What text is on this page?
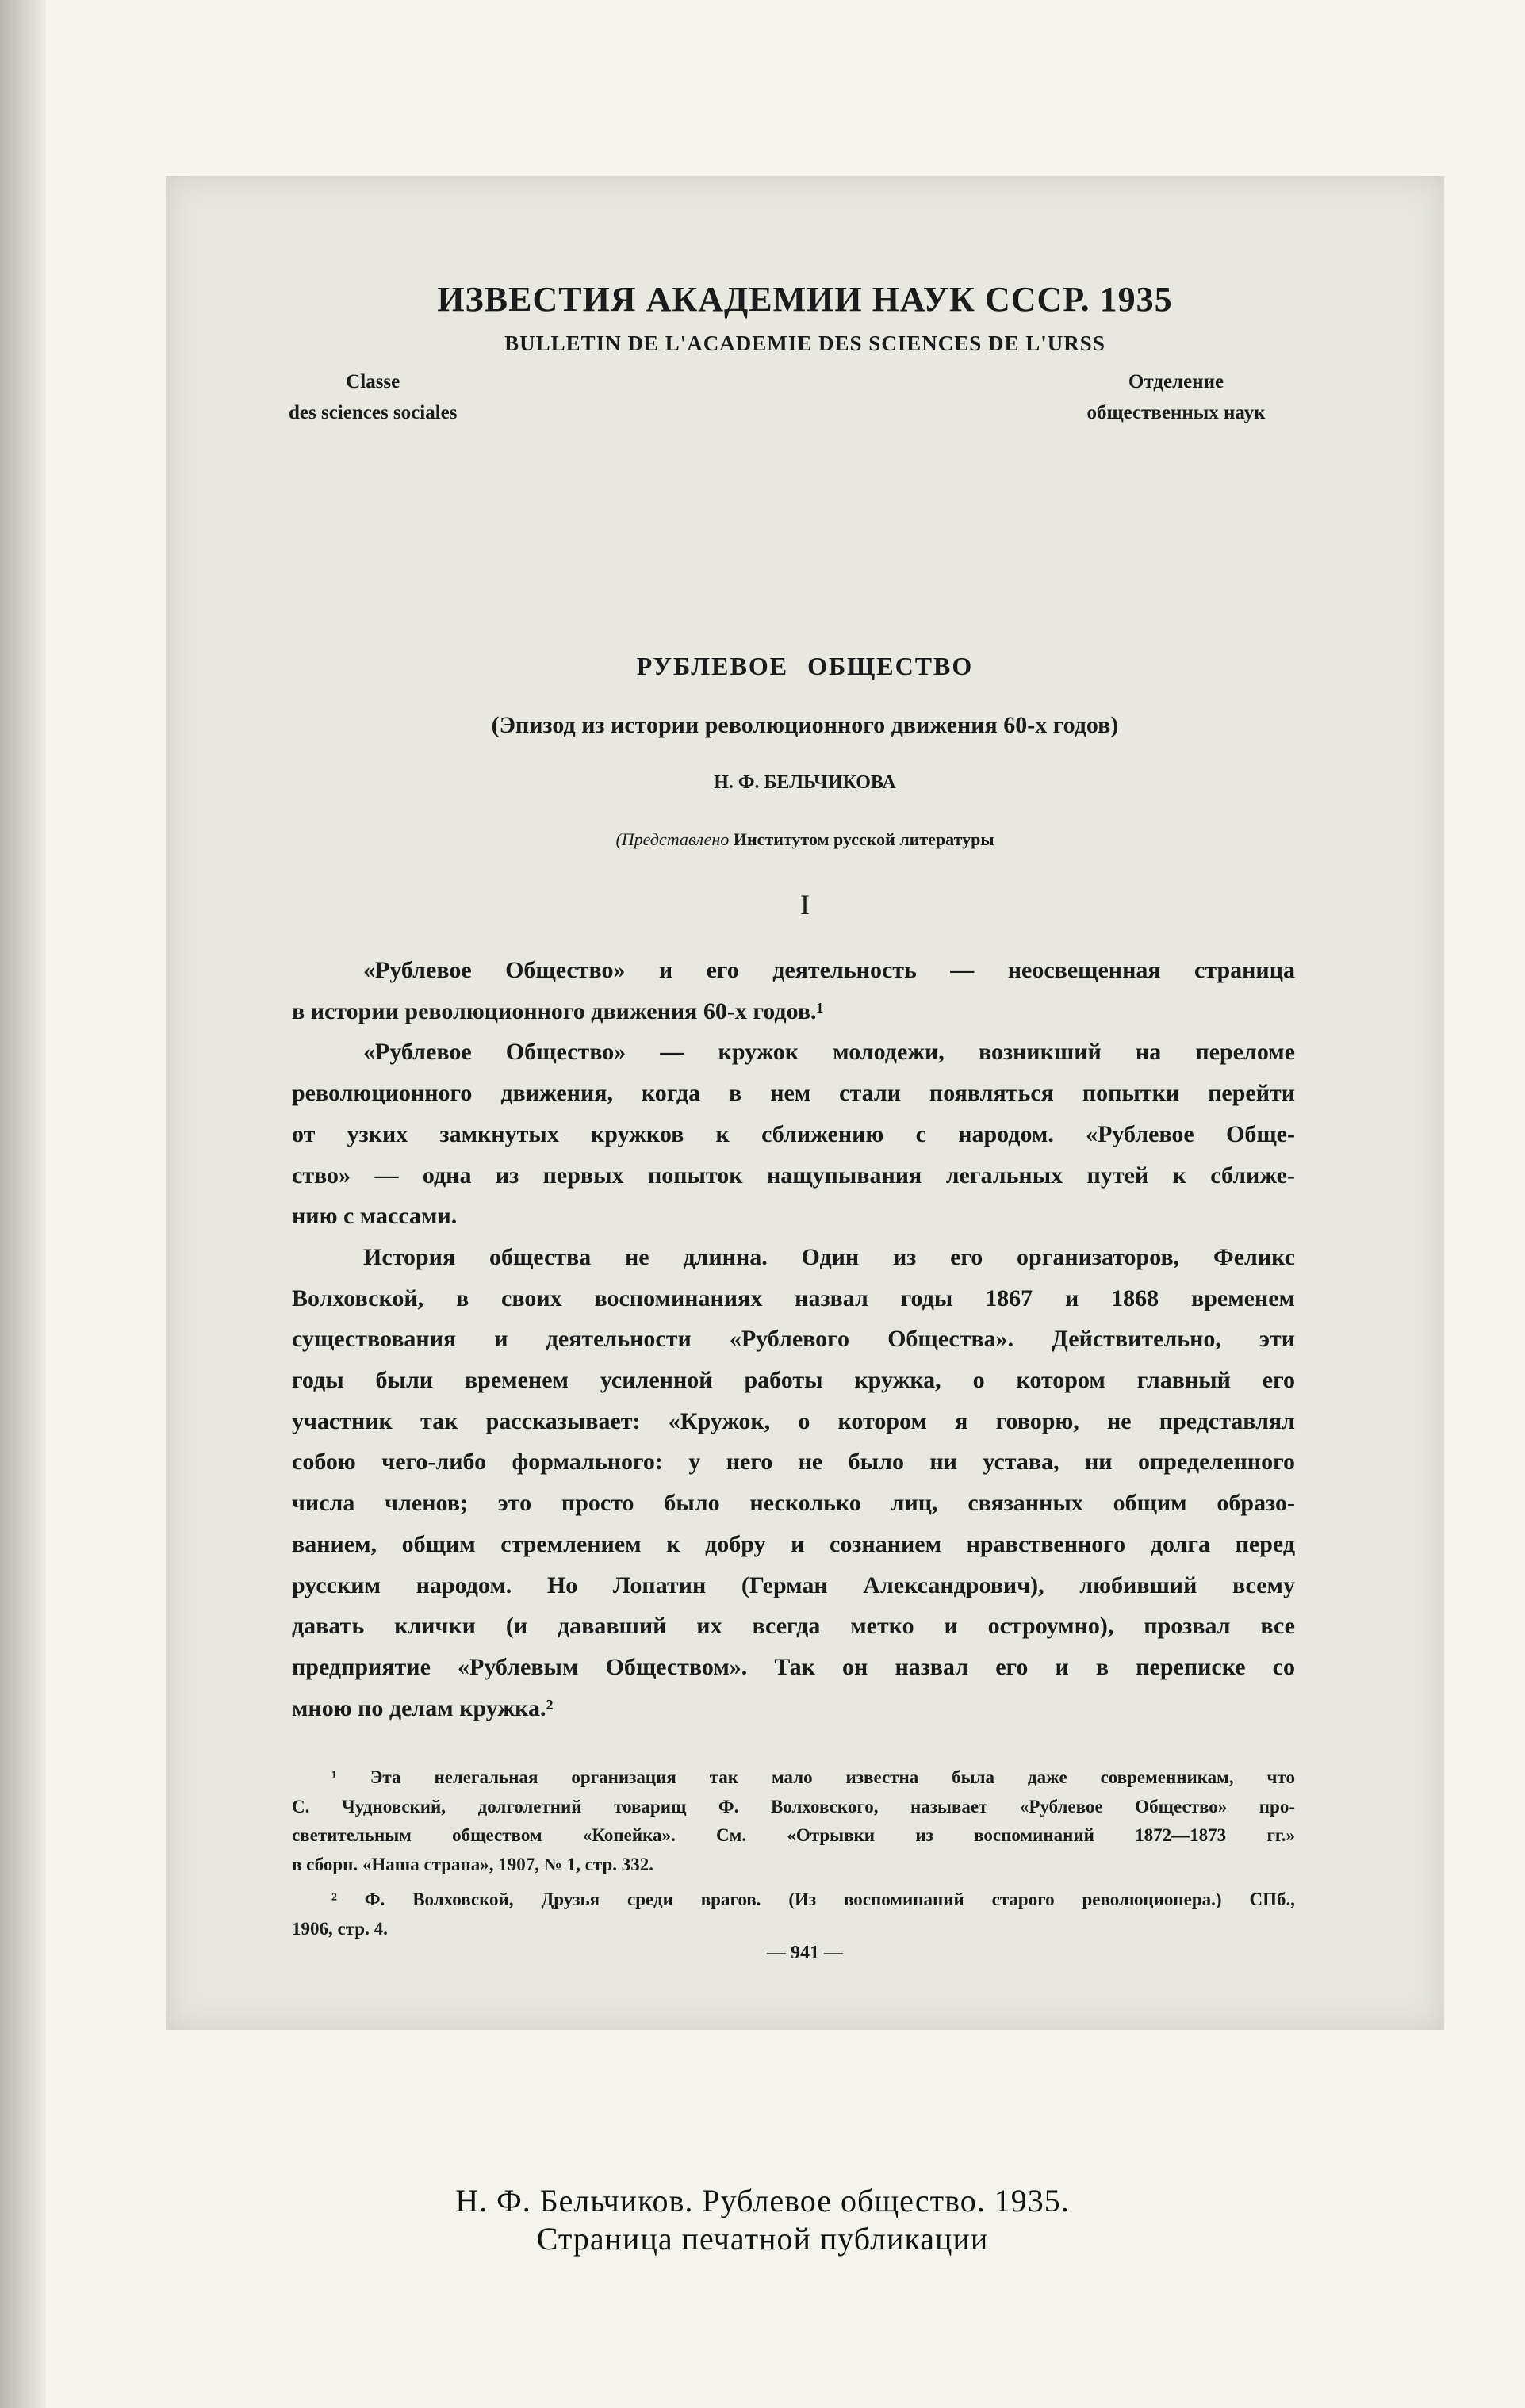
ИЗВЕСТИЯ АКАДЕМИИ НАУК СССР. 1935
BULLETIN DE L'ACADEMIE DES SCIENCES DE L'URSS
Classe
des sciences sociales
Отделение
общественных наук
РУБЛЕВОЕ ОБЩЕСТВО
(Эпизод из истории революционного движения 60-х годов)
Н. Ф. БЕЛЬЧИКОВА
(Представлено Институтом русской литературы
I
«Рублевое Общество» и его деятельность — неосвещенная страница
в истории революционного движения 60-х годов.¹
«Рублевое Общество» — кружок молодежи, возникший на переломе
революционного движения, когда в нем стали появляться попытки перейти
от узких замкнутых кружков к сближению с народом. «Рублевое Обще-
ство» — одна из первых попыток нащупывания легальных путей к сближе-
нию с массами.
История общества не длинна. Один из его организаторов, Феликс
Волховской, в своих воспоминаниях назвал годы 1867 и 1868 временем
существования и деятельности «Рублевого Общества». Действительно, эти
годы были временем усиленной работы кружка, о котором главный его
участник так рассказывает: «Кружок, о котором я говорю, не представлял
собою чего-либо формального: у него не было ни устава, ни определенного
числа членов; это просто было несколько лиц, связанных общим образо-
ванием, общим стремлением к добру и сознанием нравственного долга перед
русским народом. Но Лопатин (Герман Александрович), любивший всему
давать клички (и дававший их всегда метко и остроумно), прозвал все
предприятие «Рублевым Обществом». Так он назвал его и в переписке со
мною по делам кружка.²
¹ Эта нелегальная организация так мало известна была даже современникам, что
С. Чудновский, долголетний товарищ Ф. Волховского, называет «Рублевое Общество» про-
светительным обществом «Копейка». См. «Отрывки из воспоминаний 1872—1873 гг.»
в сборн. «Наша страна», 1907, № 1, стр. 332.
² Ф. Волховской, Друзья среди врагов. (Из воспоминаний старого революционера.) СПб.,
1906, стр. 4.
— 941 —
Н. Ф. Бельчиков. Рублевое общество. 1935.
Страница печатной публикации
